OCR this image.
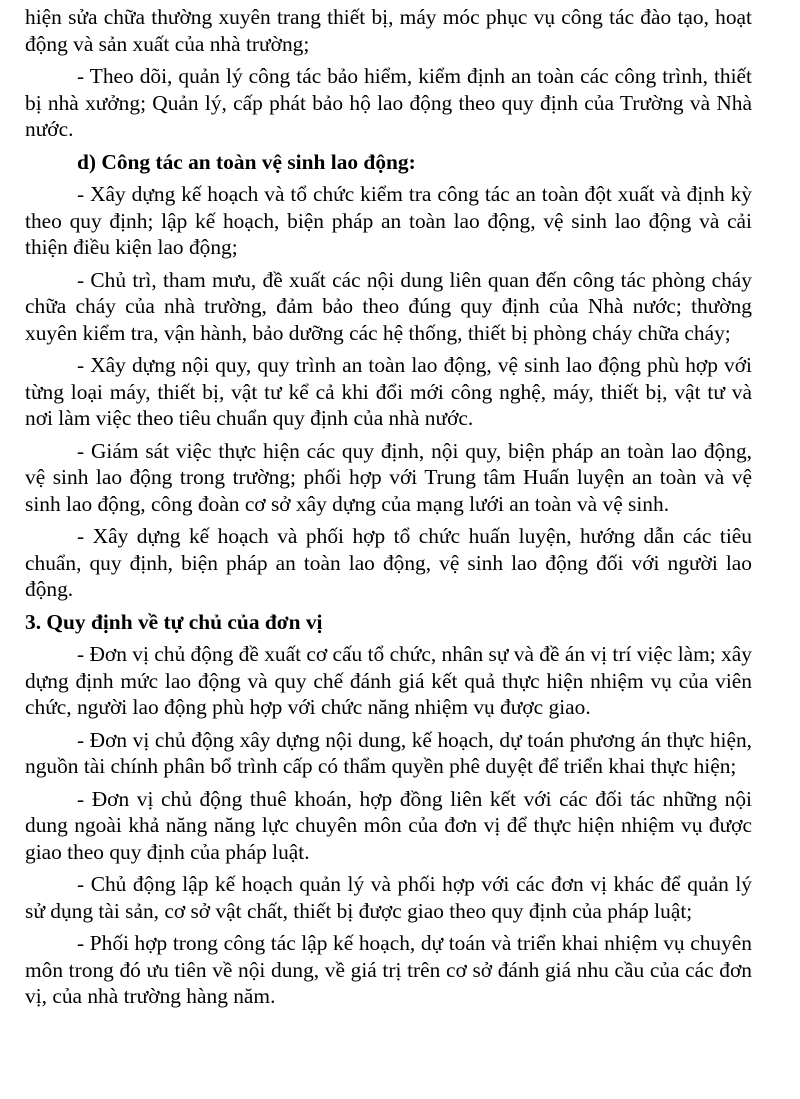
hiện sửa chữa thường xuyên trang thiết bị, máy móc phục vụ công tác đào tạo, hoạt động và sản xuất của nhà trường;

- Theo dõi, quản lý công tác bảo hiểm, kiểm định an toàn các công trình, thiết bị nhà xưởng; Quản lý, cấp phát bảo hộ lao động theo quy định của Trường và Nhà nước.

d) Công tác an toàn vệ sinh lao động:

- Xây dựng kế hoạch và tổ chức kiểm tra công tác an toàn đột xuất và định kỳ theo quy định; lập kế hoạch, biện pháp an toàn lao động, vệ sinh lao động và cải thiện điều kiện lao động;

- Chủ trì, tham mưu, đề xuất các nội dung liên quan đến công tác phòng cháy chữa cháy của nhà trường, đảm bảo theo đúng quy định của Nhà nước; thường xuyên kiểm tra, vận hành, bảo dưỡng các hệ thống, thiết bị phòng cháy chữa cháy;

- Xây dựng nội quy, quy trình an toàn lao động, vệ sinh lao động phù hợp với từng loại máy, thiết bị, vật tư kể cả khi đổi mới công nghệ, máy, thiết bị, vật tư và nơi làm việc theo tiêu chuẩn quy định của nhà nước.

- Giám sát việc thực hiện các quy định, nội quy, biện pháp an toàn lao động, vệ sinh lao động trong trường; phối hợp với Trung tâm Huấn luyện an toàn và vệ sinh lao động, công đoàn cơ sở xây dựng của mạng lưới an toàn và vệ sinh.

- Xây dựng kế hoạch và phối hợp tổ chức huấn luyện, hướng dẫn các tiêu chuẩn, quy định, biện pháp an toàn lao động, vệ sinh lao động đối với người lao động.

3. Quy định về tự chủ của đơn vị

- Đơn vị chủ động đề xuất cơ cấu tổ chức, nhân sự và đề án vị trí việc làm; xây dựng định mức lao động và quy chế đánh giá kết quả thực hiện nhiệm vụ của viên chức, người lao động phù hợp với chức năng nhiệm vụ được giao.

- Đơn vị chủ động xây dựng nội dung, kế hoạch, dự toán phương án thực hiện, nguồn tài chính phân bổ trình cấp có thẩm quyền phê duyệt để triển khai thực hiện;

- Đơn vị chủ động thuê khoán, hợp đồng liên kết với các đối tác những nội dung ngoài khả năng năng lực chuyên môn của đơn vị để thực hiện nhiệm vụ được giao theo quy định của pháp luật.

- Chủ động lập kế hoạch quản lý và phối hợp với các đơn vị khác để quản lý sử dụng tài sản, cơ sở vật chất, thiết bị được giao theo quy định của pháp luật;

- Phối hợp trong công tác lập kế hoạch, dự toán và triển khai nhiệm vụ chuyên môn trong đó ưu tiên về nội dung, về giá trị trên cơ sở đánh giá nhu cầu của các đơn vị, của nhà trường hàng năm.
